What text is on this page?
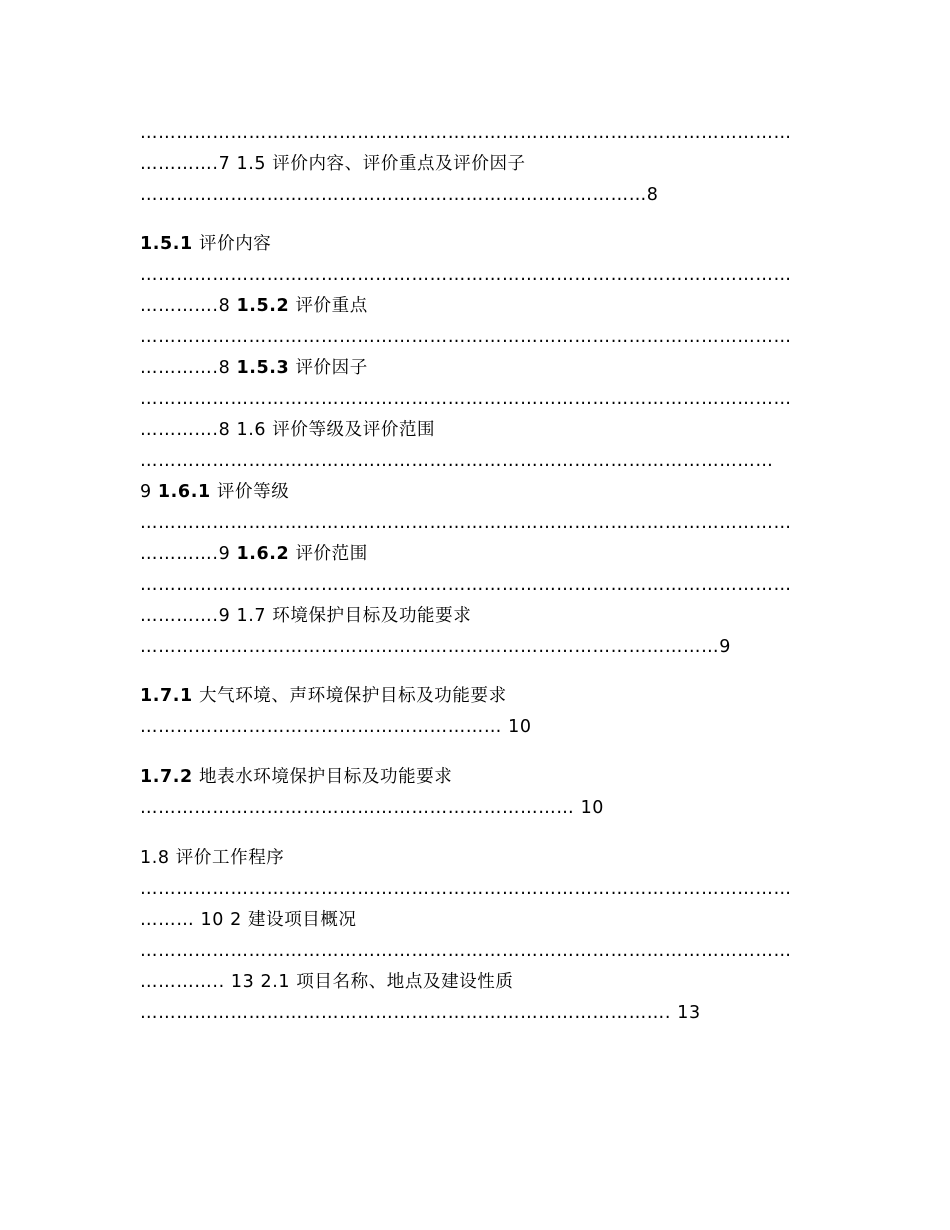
………………………………………………………………………………………………
………….7 1.5 评价内容、评价重点及评价因子
…………………………………………………………………………8
1.5.1 评价内容
………………………………………………………………………………………………
………….8 1.5.2 评价重点
………………………………………………………………………………………………
………….8 1.5.3 评价因子
………………………………………………………………………………………………
………….8 1.6 评价等级及评价范围
……………………………………………………………………………………………
9 1.6.1 评价等级
………………………………………………………………………………………………
………….9 1.6.2 评价范围
………………………………………………………………………………………………
………….9 1.7 环境保护目标及功能要求
……………………………………………………………………………………9
1.7.1 大气环境、声环境保护目标及功能要求
…………………………………………………… 10
1.7.2 地表水环境保护目标及功能要求
……………………………………………………………… 10
1.8 评价工作程序
………………………………………………………………………………………………
……… 10 2 建设项目概况
………………………………………………………………………………………………
………….. 13 2.1 项目名称、地点及建设性质
……………………………………………………………………………. 13
